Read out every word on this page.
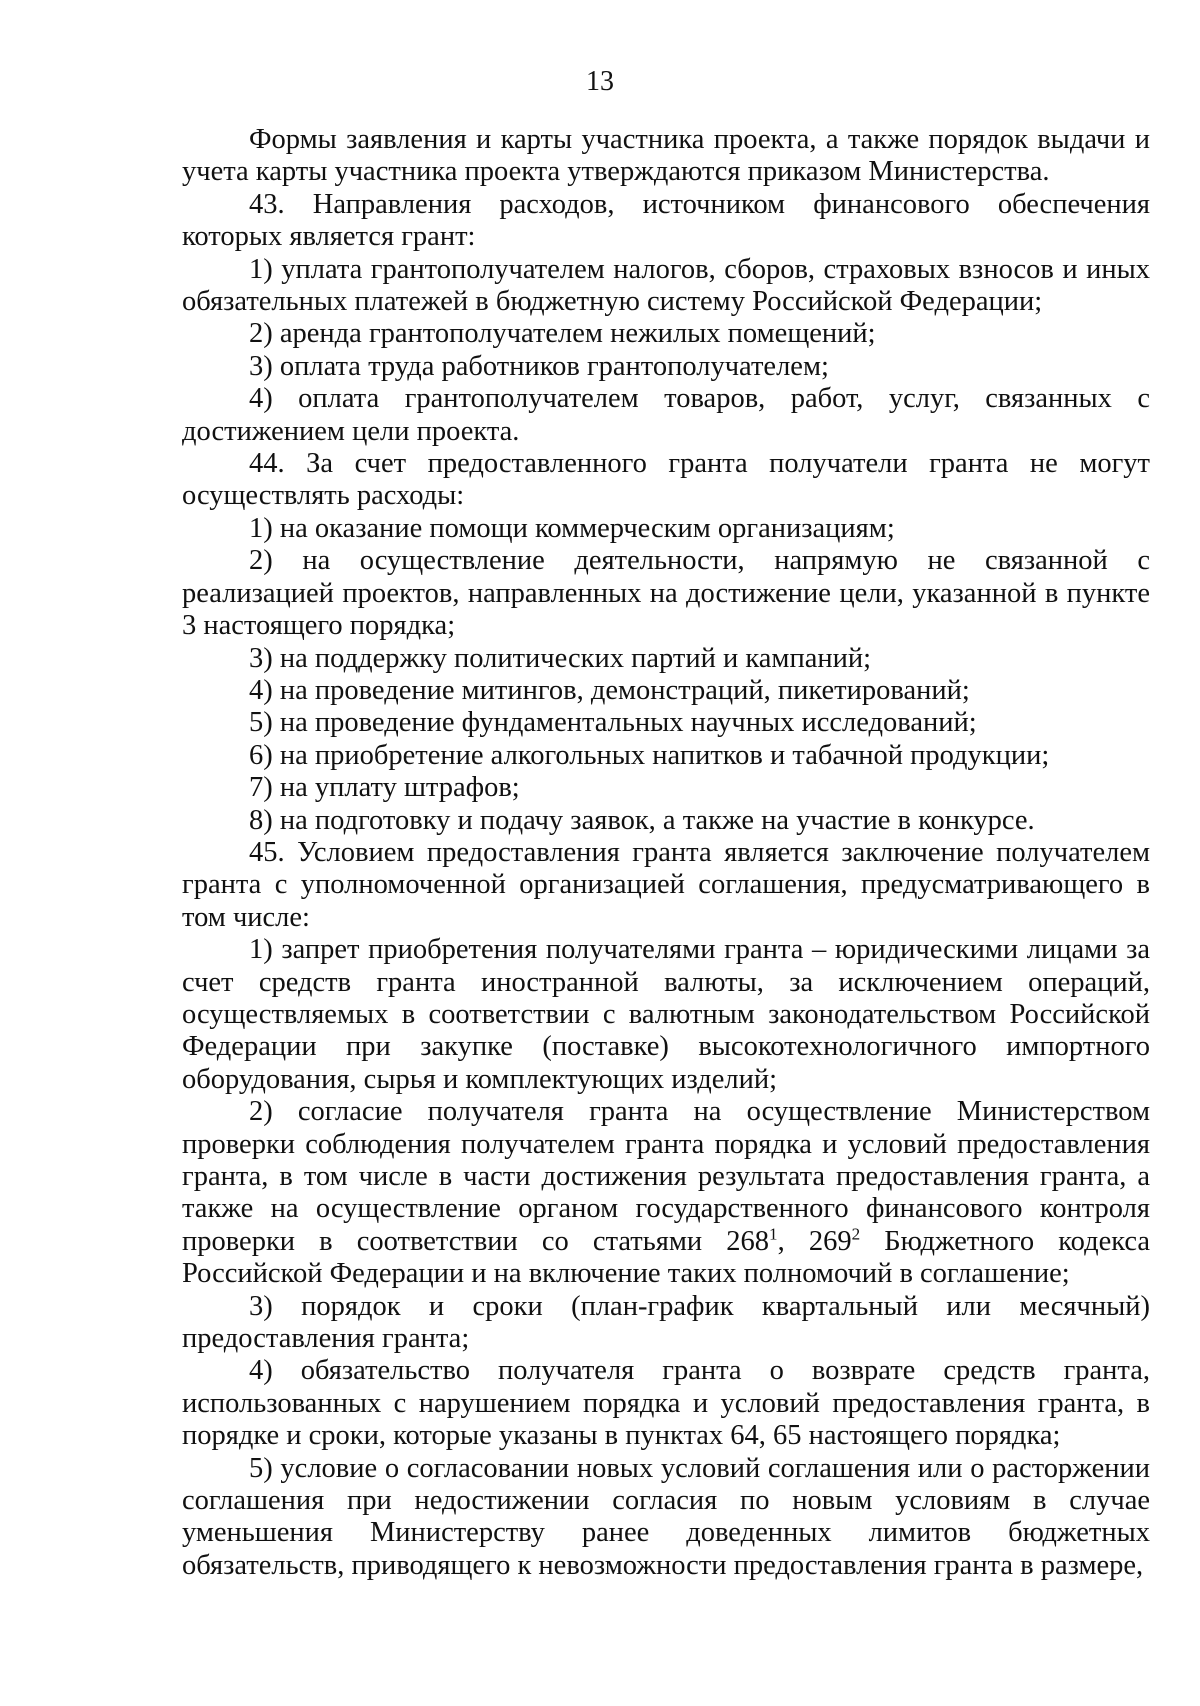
13

Формы заявления и карты участника проекта, а также порядок выдачи и учета карты участника проекта утверждаются приказом Министерства.

43. Направления расходов, источником финансового обеспечения которых является грант:

1) уплата грантополучателем налогов, сборов, страховых взносов и иных обязательных платежей в бюджетную систему Российской Федерации;

2) аренда грантополучателем нежилых помещений;

3) оплата труда работников грантополучателем;

4) оплата грантополучателем товаров, работ, услуг, связанных с достижением цели проекта.

44. За счет предоставленного гранта получатели гранта не могут осуществлять расходы:

1) на оказание помощи коммерческим организациям;

2) на осуществление деятельности, напрямую не связанной с реализацией проектов, направленных на достижение цели, указанной в пункте 3 настоящего порядка;

3) на поддержку политических партий и кампаний;

4) на проведение митингов, демонстраций, пикетирований;

5) на проведение фундаментальных научных исследований;

6) на приобретение алкогольных напитков и табачной продукции;

7) на уплату штрафов;

8) на подготовку и подачу заявок, а также на участие в конкурсе.

45. Условием предоставления гранта является заключение получателем гранта с уполномоченной организацией соглашения, предусматривающего в том числе:

1) запрет приобретения получателями гранта – юридическими лицами за счет средств гранта иностранной валюты, за исключением операций, осуществляемых в соответствии с валютным законодательством Российской Федерации при закупке (поставке) высокотехнологичного импортного оборудования, сырья и комплектующих изделий;

2) согласие получателя гранта на осуществление Министерством проверки соблюдения получателем гранта порядка и условий предоставления гранта, в том числе в части достижения результата предоставления гранта, а также на осуществление органом государственного финансового контроля проверки в соответствии со статьями $268^1$, $269^2$ Бюджетного кодекса Российской Федерации и на включение таких полномочий в соглашение;

3) порядок и сроки (план-график квартальный или месячный) предоставления гранта;

4) обязательство получателя гранта о возврате средств гранта, использованных с нарушением порядка и условий предоставления гранта, в порядке и сроки, которые указаны в пунктах 64, 65 настоящего порядка;

5) условие о согласовании новых условий соглашения или о расторжении соглашения при недостижении согласия по новым условиям в случае уменьшения Министерству ранее доведенных лимитов бюджетных обязательств, приводящего к невозможности предоставления гранта в размере,
